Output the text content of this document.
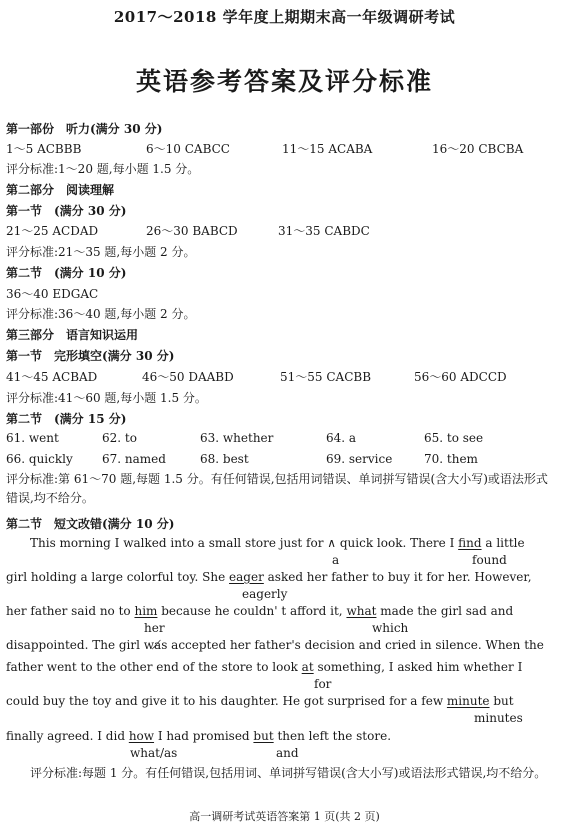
2017～2018 学年度上期期末高一年级调研考试
英语参考答案及评分标准
第一部份　听力(满分 30 分)
1～5 ACBBB	6～10 CABCC	11～15 ACABA	16～20 CBCBA
评分标准:1～20 题,每小题 1.5 分。
第二部分　阅读理解
第一节　(满分 30 分)
21～25 ACDAD	26～30 BABCD	31～35 CABDC
评分标准:21～35 题,每小题 2 分。
第二节　(满分 10 分)
36～40 EDGAC
评分标准:36～40 题,每小题 2 分。
第三部分　语言知识运用
第一节　完形填空(满分 30 分)
41～45 ACBAD	46～50 DAABD	51～55 CACBB	56～60 ADCCD
评分标准:41～60 题,每小题 1.5 分。
第二节　(满分 15 分)
61. went	62. to	63. whether	64. a	65. to see
66. quickly 67. named	68. best	69. service	70. them
评分标准:第 61～70 题,每题 1.5 分。有任何错误,包括用词错误、单词拼写错误(含大小写)或语法形式错误,均不给分。
第二节　短文改错(满分 10 分)
This morning I walked into a small store just for ∧ quick look. There I find a little
a	found
girl holding a large colorful toy. She eager asked her father to buy it for her. However,
eagerly
her father said no to him because he couldn' t afford it, what made the girl sad and
her	which
disappointed. The girl wa̸s accepted her father's decision and cried in silence. When the
father went to the other end of the store to look at something, I asked him whether I
for
could buy the toy and give it to his daughter. He got surprised for a few minute but
minutes
finally agreed. I did how I had promised but then left the store.
what/as	and
评分标准:每题 1 分。有任何错误,包括用词、单词拼写错误(含大小写)或语法形式错误,均不给分。
高一调研考试英语答案第 1 页(共 2 页)
